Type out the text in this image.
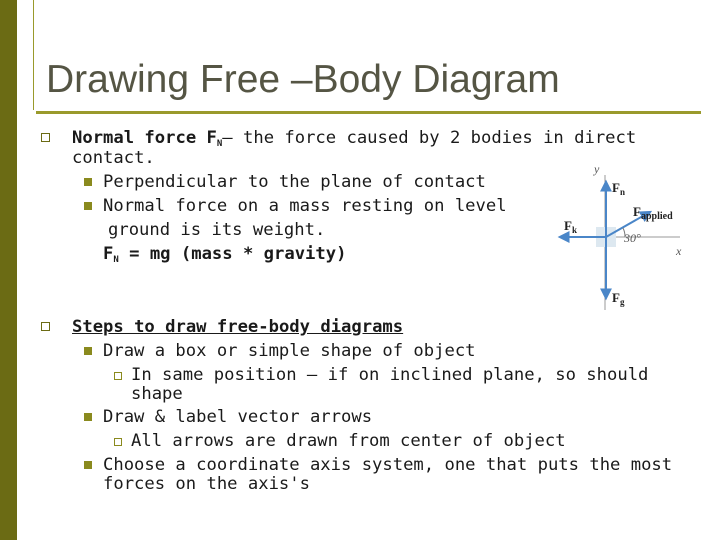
Drawing Free –Body Diagram
Normal force $F_N-$ the force caused by 2 bodies in direct
contact.
Perpendicular to the plane of contact
Normal force on a mass resting on level
ground is its weight.
$F_N$ = mg (mass * gravity)
y
x
30°
$F_n$
$F_{applied}$
$F_k$
$F_g$
Steps to draw free-body diagrams
Draw a box or simple shape of object
In same position – if on inclined plane, so should
shape
Draw & label vector arrows
All arrows are drawn from center of object
Choose a coordinate axis system, one that puts the most
forces on the axis's
